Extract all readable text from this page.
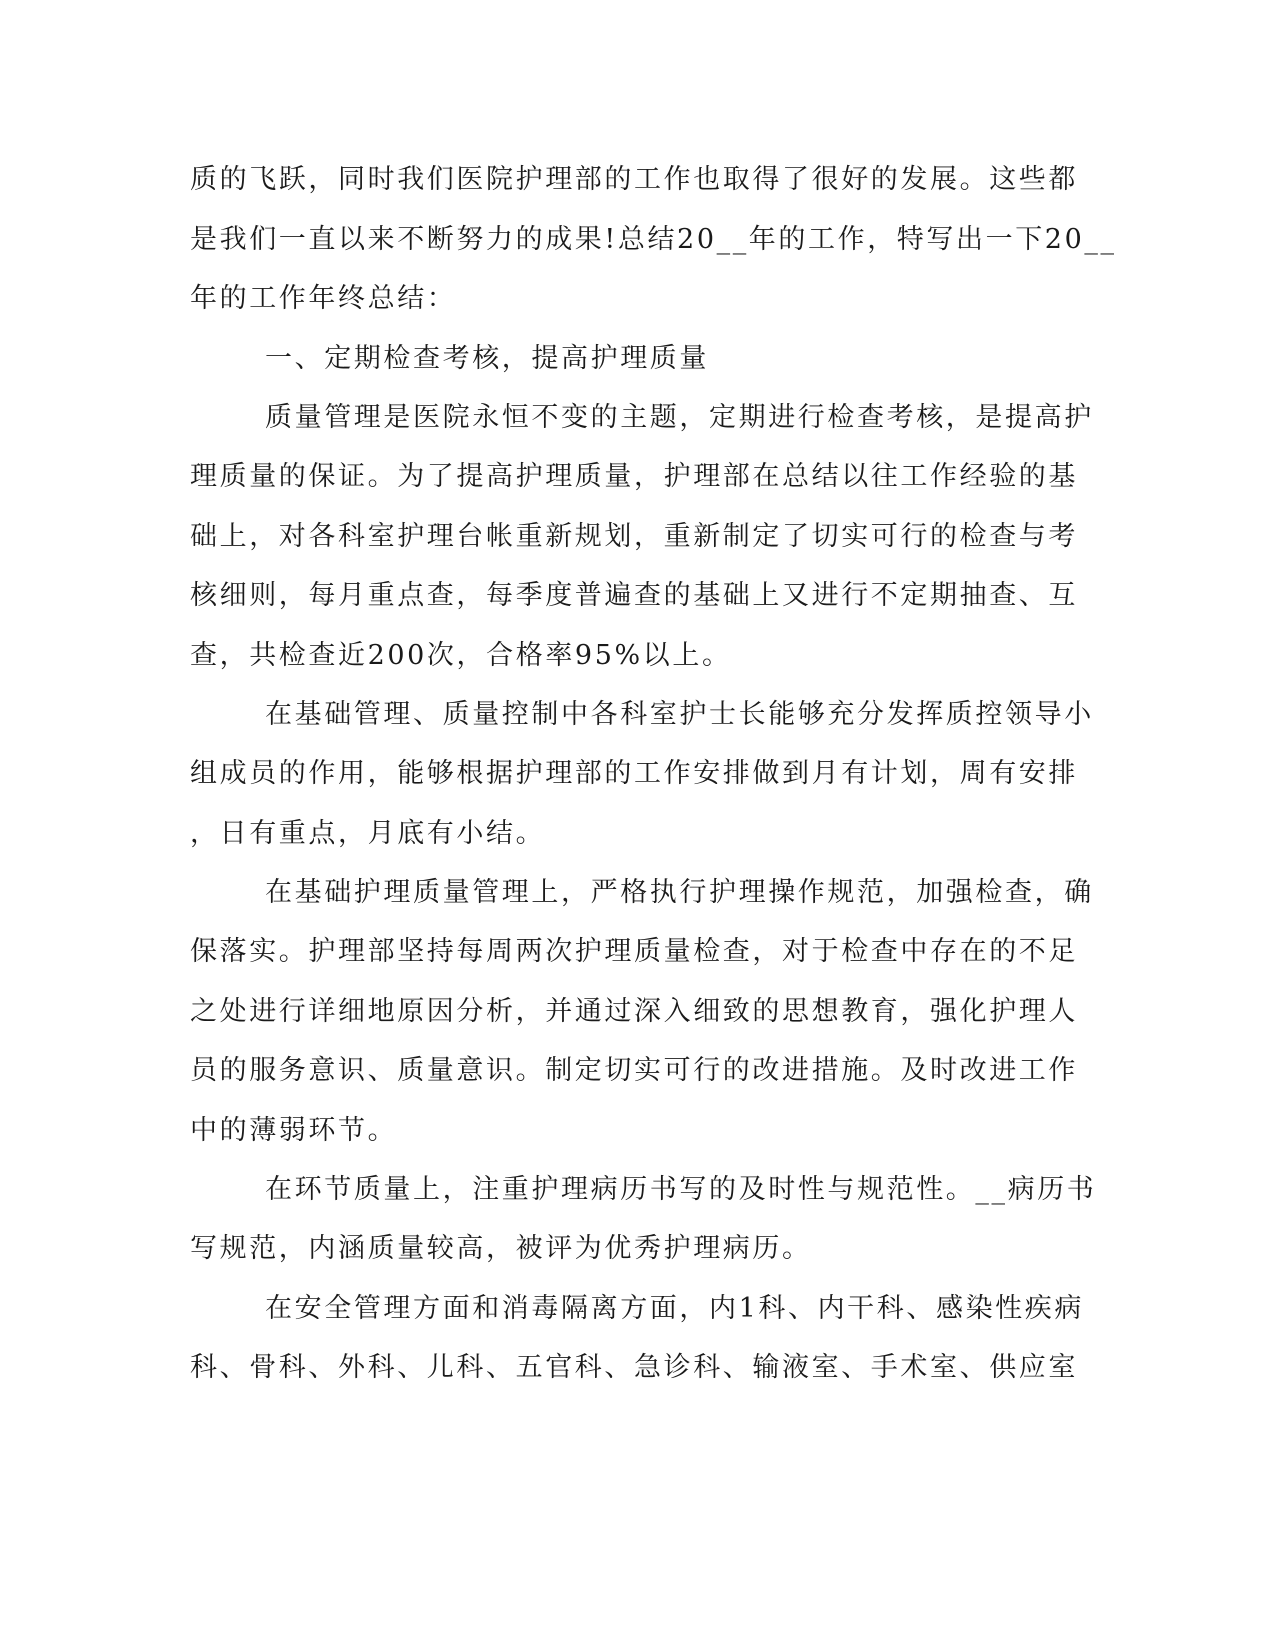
质的飞跃，同时我们医院护理部的工作也取得了很好的发展。这些都
是我们一直以来不断努力的成果!总结20__年的工作，特写出一下20__
年的工作年终总结：
一、定期检查考核，提高护理质量
质量管理是医院永恒不变的主题，定期进行检查考核，是提高护
理质量的保证。为了提高护理质量，护理部在总结以往工作经验的基
础上，对各科室护理台帐重新规划，重新制定了切实可行的检查与考
核细则，每月重点查，每季度普遍查的基础上又进行不定期抽查、互
查，共检查近200次，合格率95%以上。
在基础管理、质量控制中各科室护士长能够充分发挥质控领导小
组成员的作用，能够根据护理部的工作安排做到月有计划，周有安排
，日有重点，月底有小结。
在基础护理质量管理上，严格执行护理操作规范，加强检查，确
保落实。护理部坚持每周两次护理质量检查，对于检查中存在的不足
之处进行详细地原因分析，并通过深入细致的思想教育，强化护理人
员的服务意识、质量意识。制定切实可行的改进措施。及时改进工作
中的薄弱环节。
在环节质量上，注重护理病历书写的及时性与规范性。__病历书
写规范，内涵质量较高，被评为优秀护理病历。
在安全管理方面和消毒隔离方面，内1科、内干科、感染性疾病
科、骨科、外科、儿科、五官科、急诊科、输液室、手术室、供应室
